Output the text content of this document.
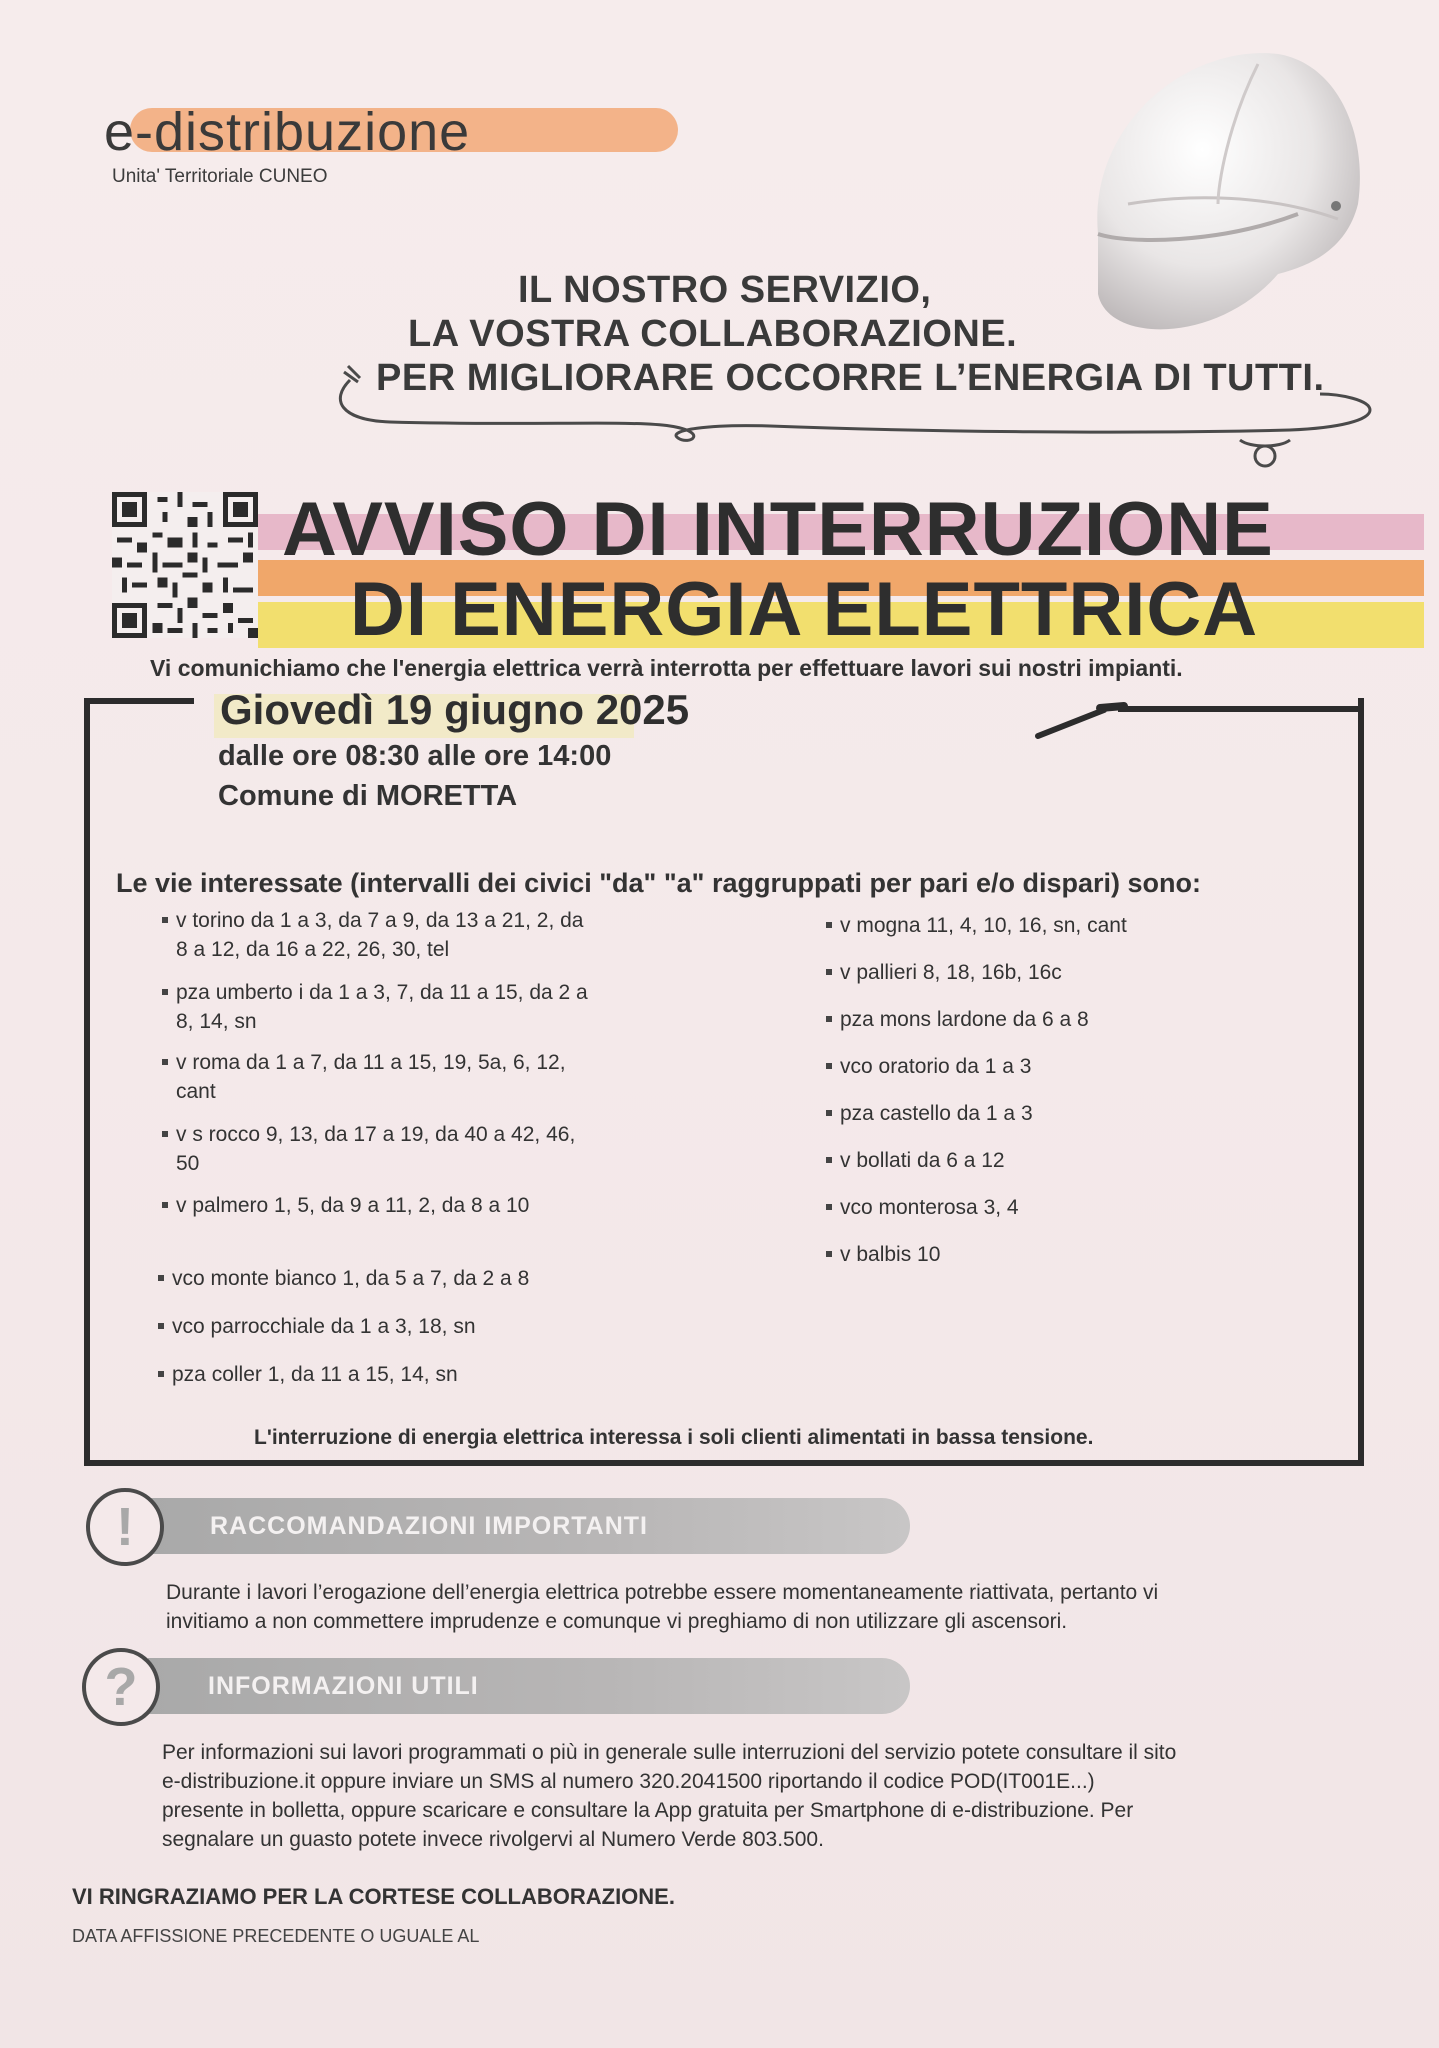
e-distribuzione
Unita' Territoriale CUNEO
IL NOSTRO SERVIZIO,
LA VOSTRA COLLABORAZIONE.
PER MIGLIORARE OCCORRE L’ENERGIA DI TUTTI.
AVVISO DI INTERRUZIONE
DI ENERGIA ELETTRICA
Vi comunichiamo che l'energia elettrica verrà interrotta per effettuare lavori sui nostri impianti.
Giovedì 19 giugno 2025
dalle ore 08:30 alle ore 14:00
Comune di MORETTA
Le vie interessate (intervalli dei civici "da" "a" raggruppati per pari e/o dispari) sono:
v torino da 1 a 3, da 7 a 9, da 13 a 21, 2, da
8 a 12, da 16 a 22, 26, 30, tel
pza umberto i da 1 a 3, 7, da 11 a 15, da 2 a
8, 14, sn
v roma da 1 a 7, da 11 a 15, 19, 5a, 6, 12,
cant
v s rocco 9, 13, da 17 a 19, da 40 a 42, 46,
50
v palmero 1, 5, da 9 a 11, 2, da 8 a 10
vco monte bianco 1, da 5 a 7, da 2 a 8
vco parrocchiale da 1 a 3, 18, sn
pza coller 1, da 11 a 15, 14, sn
v mogna 11, 4, 10, 16, sn, cant
v pallieri 8, 18, 16b, 16c
pza mons lardone da 6 a 8
vco oratorio da 1 a 3
pza castello da 1 a 3
v bollati da 6 a 12
vco monterosa 3, 4
v balbis 10
L'interruzione di energia elettrica interessa i soli clienti alimentati in bassa tensione.
!	RACCOMANDAZIONI IMPORTANTI
Durante i lavori l’erogazione dell’energia elettrica potrebbe essere momentaneamente riattivata, pertanto vi
invitiamo a non commettere imprudenze e comunque vi preghiamo di non utilizzare gli ascensori.
?	INFORMAZIONI UTILI
Per informazioni sui lavori programmati o più in generale sulle interruzioni del servizio potete consultare il sito
e-distribuzione.it oppure inviare un SMS al numero 320.2041500 riportando il codice POD(IT001E...)
presente in bolletta, oppure scaricare e consultare la App gratuita per Smartphone di e-distribuzione. Per
segnalare un guasto potete invece rivolgervi al Numero Verde 803.500.
VI RINGRAZIAMO PER LA CORTESE COLLABORAZIONE.
DATA AFFISSIONE PRECEDENTE O UGUALE AL
